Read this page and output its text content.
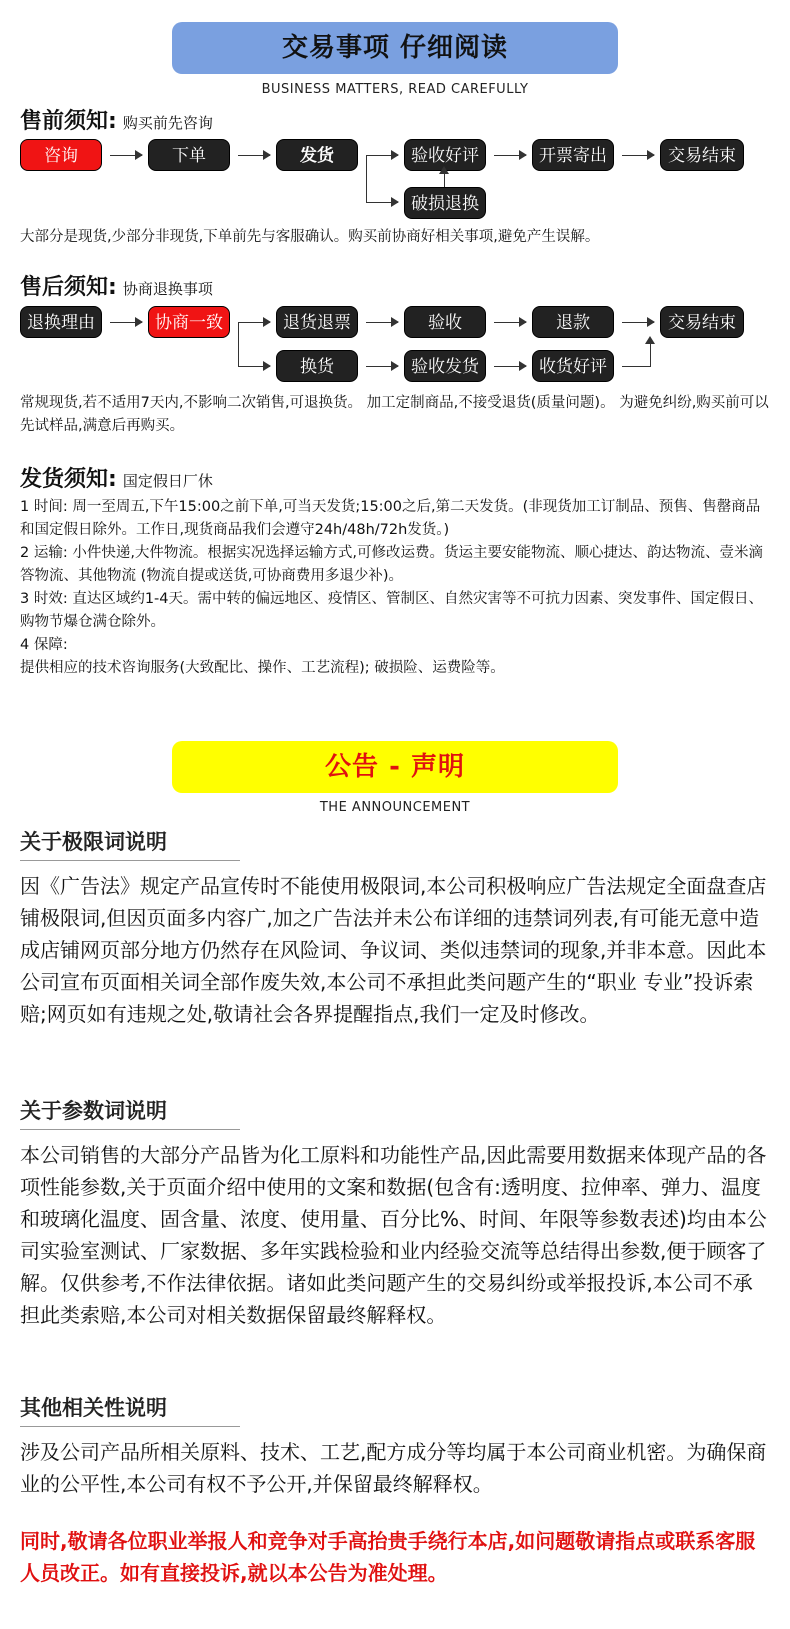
交易事项 仔细阅读
BUSINESS MATTERS, READ CAREFULLY
售前须知: 购买前先咨询
咨询	下单	发货	验收好评	开票寄出	交易结束
破损退换
大部分是现货,少部分非现货,下单前先与客服确认。购买前协商好相关事项,避免产生误解。
售后须知: 协商退换事项
退换理由	协商一致	退货退票	验收	退款	交易结束
换货	验收发货	收货好评
常规现货,若不适用7天内,不影响二次销售,可退换货。 加工定制商品,不接受退货(质量问题)。 为避免纠纷,购买前可以先试样品,满意后再购买。
发货须知: 国定假日厂休

1 时间: 周一至周五,下午15:00之前下单,可当天发货;15:00之后,第二天发货。(非现货加工订制品、预售、售罄商品和国定假日除外。工作日,现货商品我们会遵守24h/48h/72h发货。)

2 运输: 小件快递,大件物流。根据实况选择运输方式,可修改运费。货运主要安能物流、顺心捷达、韵达物流、壹米滴答物流、其他物流 (物流自提或送货,可协商费用多退少补)。

3 时效: 直达区域约1-4天。需中转的偏远地区、疫情区、管制区、自然灾害等不可抗力因素、突发事件、国定假日、购物节爆仓满仓除外。

4 保障:

提供相应的技术咨询服务(大致配比、操作、工艺流程); 破损险、运费险等。

公告 - 声明
THE ANNOUNCEMENT
关于极限词说明
因《广告法》规定产品宣传时不能使用极限词,本公司积极响应广告法规定全面盘查店铺极限词,但因页面多内容广,加之广告法并未公布详细的违禁词列表,有可能无意中造成店铺网页部分地方仍然存在风险词、争议词、类似违禁词的现象,并非本意。因此本公司宣布页面相关词全部作废失效,本公司不承担此类问题产生的“职业 专业”投诉索赔;网页如有违规之处,敬请社会各界提醒指点,我们一定及时修改。
关于参数词说明
本公司销售的大部分产品皆为化工原料和功能性产品,因此需要用数据来体现产品的各项性能参数,关于页面介绍中使用的文案和数据(包含有:透明度、拉伸率、弹力、温度和玻璃化温度、固含量、浓度、使用量、百分比%、时间、年限等参数表述)均由本公司实验室测试、厂家数据、多年实践检验和业内经验交流等总结得出参数,便于顾客了解。仅供参考,不作法律依据。诸如此类问题产生的交易纠纷或举报投诉,本公司不承担此类索赔,本公司对相关数据保留最终解释权。
其他相关性说明
涉及公司产品所相关原料、技术、工艺,配方成分等均属于本公司商业机密。为确保商业的公平性,本公司有权不予公开,并保留最终解释权。
同时,敬请各位职业举报人和竞争对手高抬贵手绕行本店,如问题敬请指点或联系客服人员改正。如有直接投诉,就以本公告为准处理。
